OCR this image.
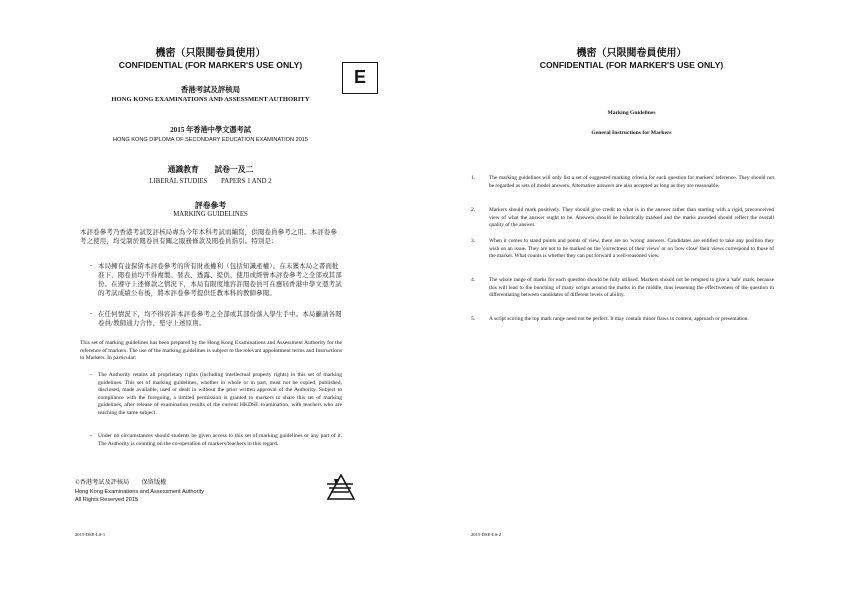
機密（只限閱卷員使用）
CONFIDENTIAL (FOR MARKER'S USE ONLY)
E
香港考試及評核局
HONG KONG EXAMINATIONS AND ASSESSMENT AUTHORITY
2015 年香港中學文憑考試
HONG KONG DIPLOMA OF SECONDARY EDUCATION EXAMINATION 2015
通識教育　　試卷一及二
LIBERAL STUDIES　　PAPERS 1 AND 2
評卷參考
MARKING GUIDELINES
本評卷參考乃香港考試及評核局專為今年本科考試而編寫，供閱卷員參考之用。本評卷參考之使用，均受制於閱卷員有關之服務條款及閱卷員指引。特別是：
- 本局擁有並保留本評卷參考的所有財產權利（包括知識產權）。在未獲本局之書面批准下，閱卷員均不得複製、發表、透露、提供、使用或經營本評卷參考之全部或其部份。在遵守上述條款之情況下，本局有限度地容許閱卷員可在應屆香港中學文憑考試的考試成績公布後，將本評卷參考提供任教本科的教師參閱。
- 在任何情況下，均不得容許本評卷參考之全部或其部份落入學生手中。本局籲請各閱卷員/教師通力合作，堅守上述原則。
This set of marking guidelines has been prepared by the Hong Kong Examinations and Assessment Authority for the reference of markers. The use of the marking guidelines is subject to the relevant appointment terms and Instructions to Markers. In particular:
-	The Authority retains all proprietary rights (including intellectual property rights) in this set of marking guidelines. This set of marking guidelines, whether in whole or in part, must not be copied, published, disclosed, made available, used or dealt in without the prior written approval of the Authority. Subject to compliance with the foregoing, a limited permission is granted to markers to share this set of marking guidelines, after release of examination results of the current HKDSE examination, with teachers who are teaching the same subject.
-	Under no circumstances should students be given access to this set of marking guidelines or any part of it. The Authority is counting on the co-operation of markers/teachers in this regard.
©香港考試及評核局　　保留版權
Hong Kong Examinations and Assessment Authority
All Rights Reserved 2015
2015-DSE-LS-1
機密（只限閱卷員使用）
CONFIDENTIAL (FOR MARKER'S USE ONLY)
Marking Guidelines
General Instructions for Markers
1.	The marking guidelines will only list a set of suggested marking criteria for each question for markers' reference. They should not be regarded as sets of model answers. Alternative answers are also accepted as long as they are reasonable.
2.	Markers should mark positively. They should give credit to what is in the answer rather than starting with a rigid, preconceived view of what the answer ought to be. Answers should be holistically marked and the marks awarded should reflect the overall quality of the answer.
3.	When it comes to stand points and points of view, there are no 'wrong' answers. Candidates are entitled to take any position they wish on an issue. They are not to be marked on the 'correctness of their views' or on 'how close' their views correspond to those of the marker. What counts is whether they can put forward a well-reasoned view.
4.	The whole range of marks for each question should be fully utilised. Markers should not be tempted to give a 'safe' mark, because this will lead to the bunching of many scripts around the marks in the middle, thus lessening the effectiveness of the question in differentiating between candidates of different levels of ability.
5.	A script scoring the top mark range need not be perfect. It may contain minor flaws in content, approach or presentation.
2015-DSE-LS-2
